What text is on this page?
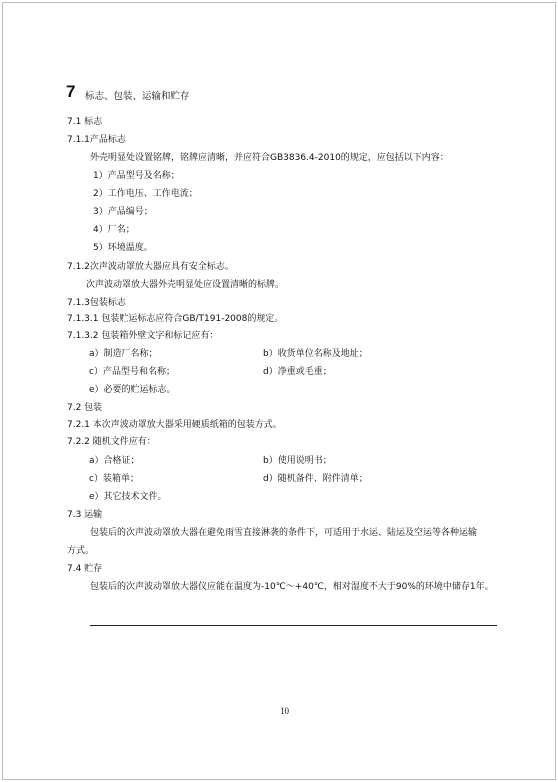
7 标志、包装、运输和贮存
7.1 标志
7.1.1产品标志
外壳明显处设置铭牌，铭牌应清晰，并应符合GB3836.4-2010的规定，应包括以下内容：
1）产品型号及名称；
2）工作电压、工作电流；
3）产品编号；
4）厂名；
5）环境温度。
7.1.2次声波动罩放大器应具有安全标志。
次声波动罩放大器外壳明显处应设置清晰的标牌。
7.1.3包装标志
7.1.3.1 包装贮运标志应符合GB/T191-2008的规定。
7.1.3.2 包装箱外壁文字和标记应有：
a）制造厂名称；	b）收货单位名称及地址；
c）产品型号和名称；	d）净重或毛重；
e）必要的贮运标志。
7.2 包装
7.2.1 本次声波动罩放大器采用硬质纸箱的包装方式。
7.2.2 随机文件应有：
a）合格证；	b）使用说明书；
c）装箱单；	d）随机备件、附件清单；
e）其它技术文件。
7.3 运输
包装后的次声波动罩放大器在避免雨雪直接淋袭的条件下，可适用于水运、陆运及空运等各种运输
方式。
7.4 贮存
包装后的次声波动罩放大器仪应能在温度为-10℃～+40℃，相对湿度不大于90%的环境中储存1年。
10
